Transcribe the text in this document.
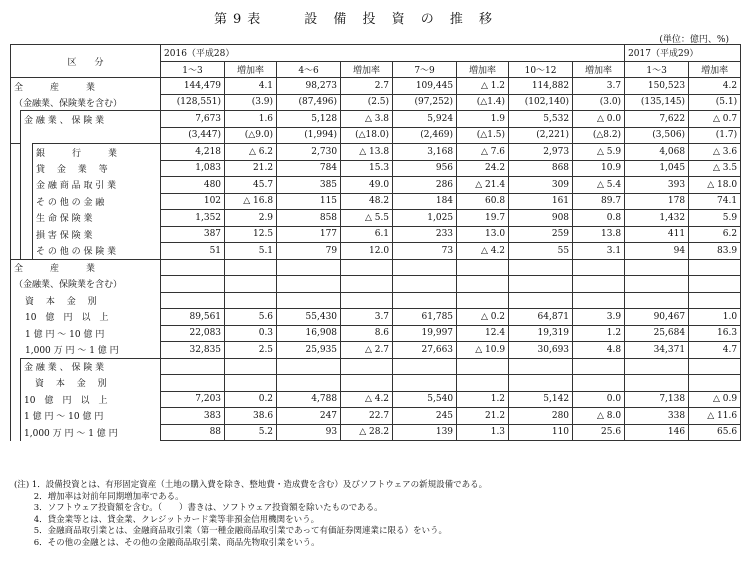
第9表　　設 備 投 資 の 推 移
(単位：億円、%)
区　　分			2016（平成28）								2017（平成29）	
			1～3	増加率	4～6	増加率	7～9	増加率	10～12	増加率	1～3	増加率
全　　　産　　　業			144,479	4.1	98,273	2.7	109,445	△ 1.2	114,882	3.7	150,523	4.2
（金融業、保険業を含む）			(128,551)	(3.9)	(87,496)	(2.5)	(97,252)	(△1.4)	(102,140)	(3.0)	(135,145)	(5.1)
	金 融 業 、 保 険 業		7,673	1.6	5,128	△ 3.8	5,924	1.9	5,532	△ 0.0	7,622	△ 0.7
			(3,447)	(△9.0)	(1,994)	(△18.0)	(2,469)	(△1.5)	(2,221)	(△8.2)	(3,506)	(1.7)
		銀　　　行　　　業	4,218	△ 6.2	2,730	△ 13.8	3,168	△ 7.6	2,973	△ 5.9	4,068	△ 3.6
		貸　 金　 業　 等	1,083	21.2	784	15.3	956	24.2	868	10.9	1,045	△ 3.5
		金 融 商 品 取 引 業	480	45.7	385	49.0	286	△ 21.4	309	△ 5.4	393	△ 18.0
		そ の 他 の 金 融	102	△ 16.8	115	48.2	184	60.8	161	89.7	178	74.1
		生 命 保 険 業	1,352	2.9	858	△ 5.5	1,025	19.7	908	0.8	1,432	5.9
		損 害 保 険 業	387	12.5	177	6.1	233	13.0	259	13.8	411	6.2
		そ の 他 の 保 険 業	51	5.1	79	12.0	73	△ 4.2	55	3.1	94	83.9
全　　　産　　　業												
（金融業、保険業を含む）												
資　 本　 金　 別												
10　億　円　以　上			89,561	5.6	55,430	3.7	61,785	△ 0.2	64,871	3.9	90,467	1.0
1 億 円 ～ 10 億 円			22,083	0.3	16,908	8.6	19,997	12.4	19,319	1.2	25,684	16.3
1,000 万 円 ～ 1 億 円			32,835	2.5	25,935	△ 2.7	27,663	△ 10.9	30,693	4.8	34,371	4.7
	金 融 業 、 保 険 業											
	資　 本　 金　 別											
	10　億　円　以　上		7,203	0.2	4,788	△ 4.2	5,540	1.2	5,142	0.0	7,138	△ 0.9
	1 億 円 ～ 10 億 円		383	38.6	247	22.7	245	21.2	280	△ 8.0	338	△ 11.6
	1,000 万 円 ～ 1 億 円		88	5.2	93	△ 28.2	139	1.3	110	25.6	146	65.6
(注) 1．設備投資とは、有形固定資産（土地の購入費を除き、整地費・造成費を含む）及びソフトウェアの新規設備である。
　　 2．増加率は対前年同期増加率である。
　　 3．ソフトウェア投資額を含む。（　　）書きは、ソフトウェア投資額を除いたものである。
　　 4．貸金業等とは、貸金業、クレジットカード業等非預金信用機関をいう。
　　 5．金融商品取引業とは、金融商品取引業（第一種金融商品取引業であって有価証券関連業に限る）をいう。
　　 6．その他の金融とは、その他の金融商品取引業、商品先物取引業をいう。
